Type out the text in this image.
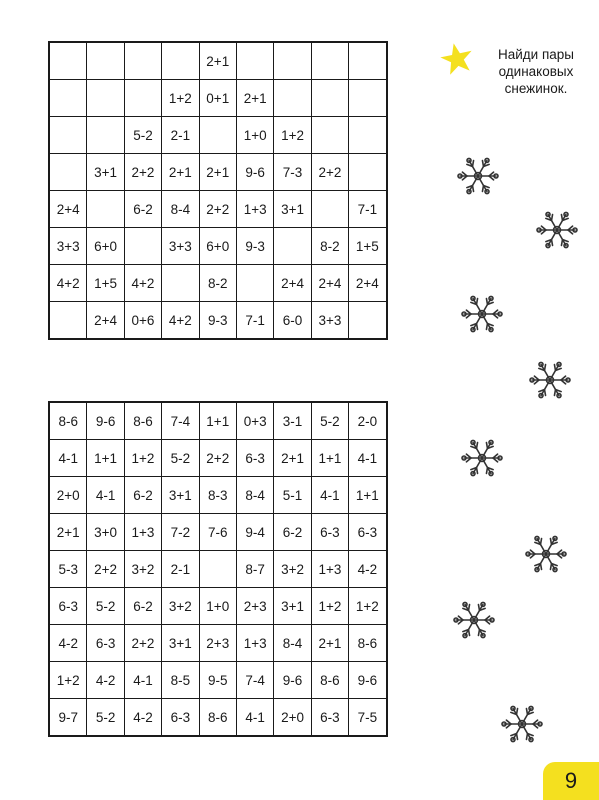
				2+1				
			1+2	0+1	2+1			
		5-2	2-1		1+0	1+2		
	3+1	2+2	2+1	2+1	9-6	7-3	2+2	
2+4		6-2	8-4	2+2	1+3	3+1		7-1
3+3	6+0		3+3	6+0	9-3		8-2	1+5
4+2	1+5	4+2		8-2		2+4	2+4	2+4
	2+4	0+6	4+2	9-3	7-1	6-0	3+3	
8-6	9-6	8-6	7-4	1+1	0+3	3-1	5-2	2-0
4-1	1+1	1+2	5-2	2+2	6-3	2+1	1+1	4-1
2+0	4-1	6-2	3+1	8-3	8-4	5-1	4-1	1+1
2+1	3+0	1+3	7-2	7-6	9-4	6-2	6-3	6-3
5-3	2+2	3+2	2-1		8-7	3+2	1+3	4-2
6-3	5-2	6-2	3+2	1+0	2+3	3+1	1+2	1+2
4-2	6-3	2+2	3+1	2+3	1+3	8-4	2+1	8-6
1+2	4-2	4-1	8-5	9-5	7-4	9-6	8-6	9-6
9-7	5-2	4-2	6-3	8-6	4-1	2+0	6-3	7-5
Найди пары одинаковых снежинок.
9
